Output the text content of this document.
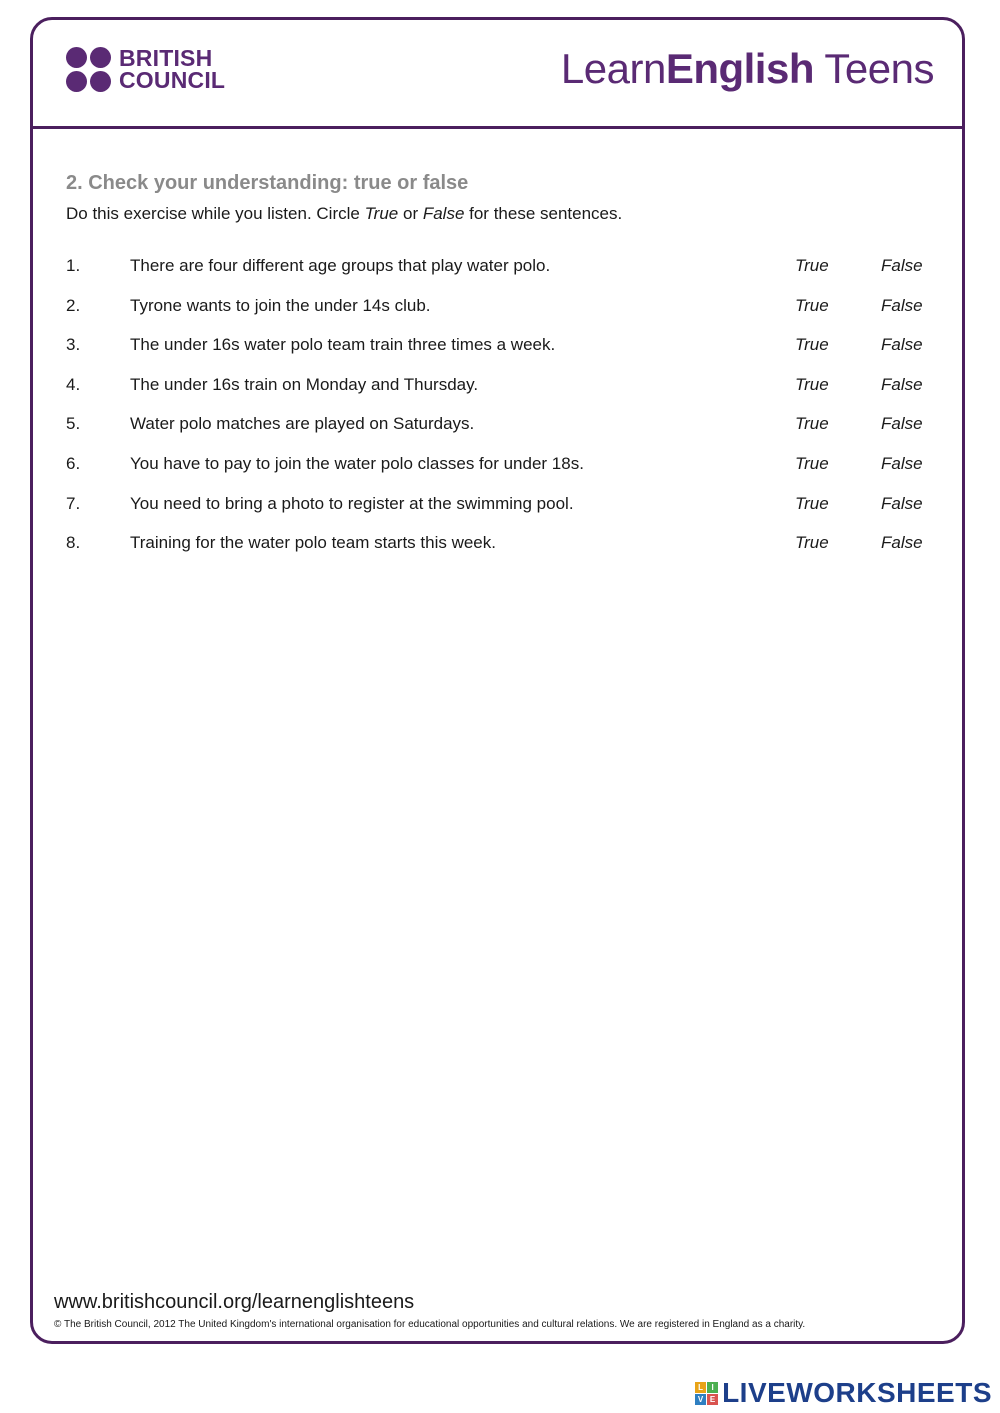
BRITISH
COUNCIL	LearnEnglish Teens
2. Check your understanding: true or false
Do this exercise while you listen. Circle True or False for these sentences.
1.	There are four different age groups that play water polo.	True	False
2.	Tyrone wants to join the under 14s club.	True	False
3.	The under 16s water polo team train three times a week.	True	False
4.	The under 16s train on Monday and Thursday.	True	False
5.	Water polo matches are played on Saturdays.	True	False
6.	You have to pay to join the water polo classes for under 18s.	True	False
7.	You need to bring a photo to register at the swimming pool.	True	False
8.	Training for the water polo team starts this week.	True	False
www.britishcouncil.org/learnenglishteens
© The British Council, 2012 The United Kingdom's international organisation for educational opportunities and cultural relations. We are registered in England as a charity.
L	I
V E LIVEWORKSHEETS
